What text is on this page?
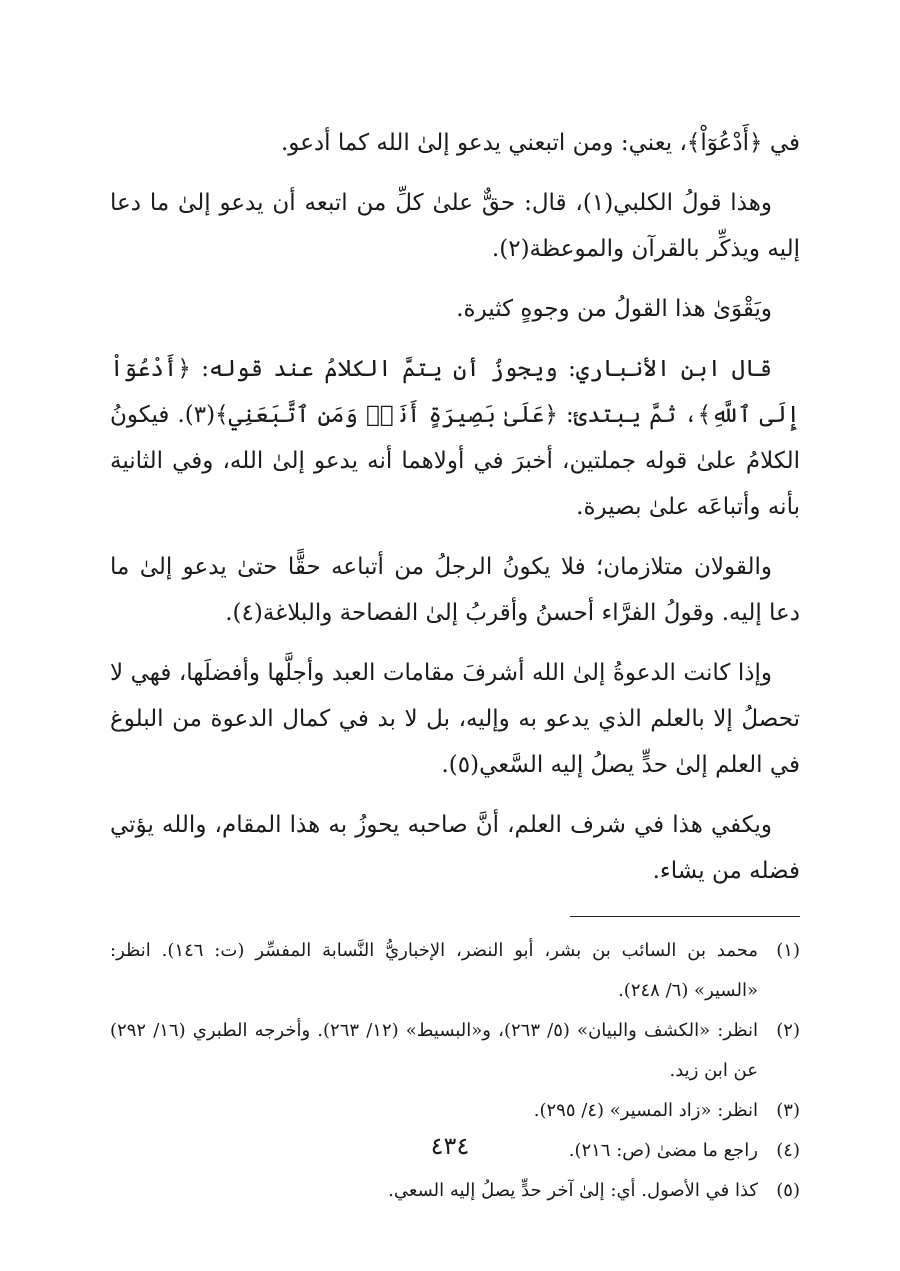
في ﴿أَدْعُوٓاْ﴾، يعني: ومن اتبعني يدعو إلىٰ الله كما أدعو.

وهذا قولُ الكلبي(١)، قال: حقٌّ علىٰ كلِّ من اتبعه أن يدعو إلىٰ ما دعا إليه ويذكِّر بالقرآن والموعظة(٢).

ويَقْوَىٰ هذا القولُ من وجوهٍ كثيرة.

قال ابن الأنباري: ويجوزُ أن يتمَّ الكلامُ عند قوله: ﴿أَدْعُوٓاْ إِلَى ٱللَّهِ﴾، ثمَّ يبتدئ: ﴿عَلَىٰ بَصِيرَةٍ أَنَا۠ وَمَنِ ٱتَّبَعَنِي﴾(٣). فيكونُ الكلامُ علىٰ قوله جملتين، أخبرَ في أولاهما أنه يدعو إلىٰ الله، وفي الثانية بأنه وأتباعَه علىٰ بصيرة.

والقولان متلازمان؛ فلا يكونُ الرجلُ من أتباعه حقًّا حتىٰ يدعو إلىٰ ما دعا إليه. وقولُ الفرَّاء أحسنُ وأقربُ إلىٰ الفصاحة والبلاغة(٤).

وإذا كانت الدعوةُ إلىٰ الله أشرفَ مقامات العبد وأجلَّها وأفضلَها، فهي لا تحصلُ إلا بالعلم الذي يدعو به وإليه، بل لا بد في كمال الدعوة من البلوغ في العلم إلىٰ حدٍّ يصلُ إليه السَّعي(٥).

ويكفي هذا في شرف العلم، أنَّ صاحبه يحوزُ به هذا المقام، والله يؤتي فضله من يشاء.

(١)
محمد بن السائب بن بشر، أبو النضر، الإخباريُّ النَّسابة المفسِّر (ت: ١٤٦). انظر: «السير» (٦/ ٢٤٨).
(٢)
انظر: «الكشف والبيان» (٥/ ٢٦٣)، و«البسيط» (١٢/ ٢٦٣). وأخرجه الطبري (١٦/ ٢٩٢) عن ابن زيد.
(٣)
انظر: «زاد المسير» (٤/ ٢٩٥).
(٤)
راجع ما مضىٰ (ص: ٢١٦).
(٥)
كذا في الأصول. أي: إلىٰ آخر حدٍّ يصلُ إليه السعي.
٤٣٤
